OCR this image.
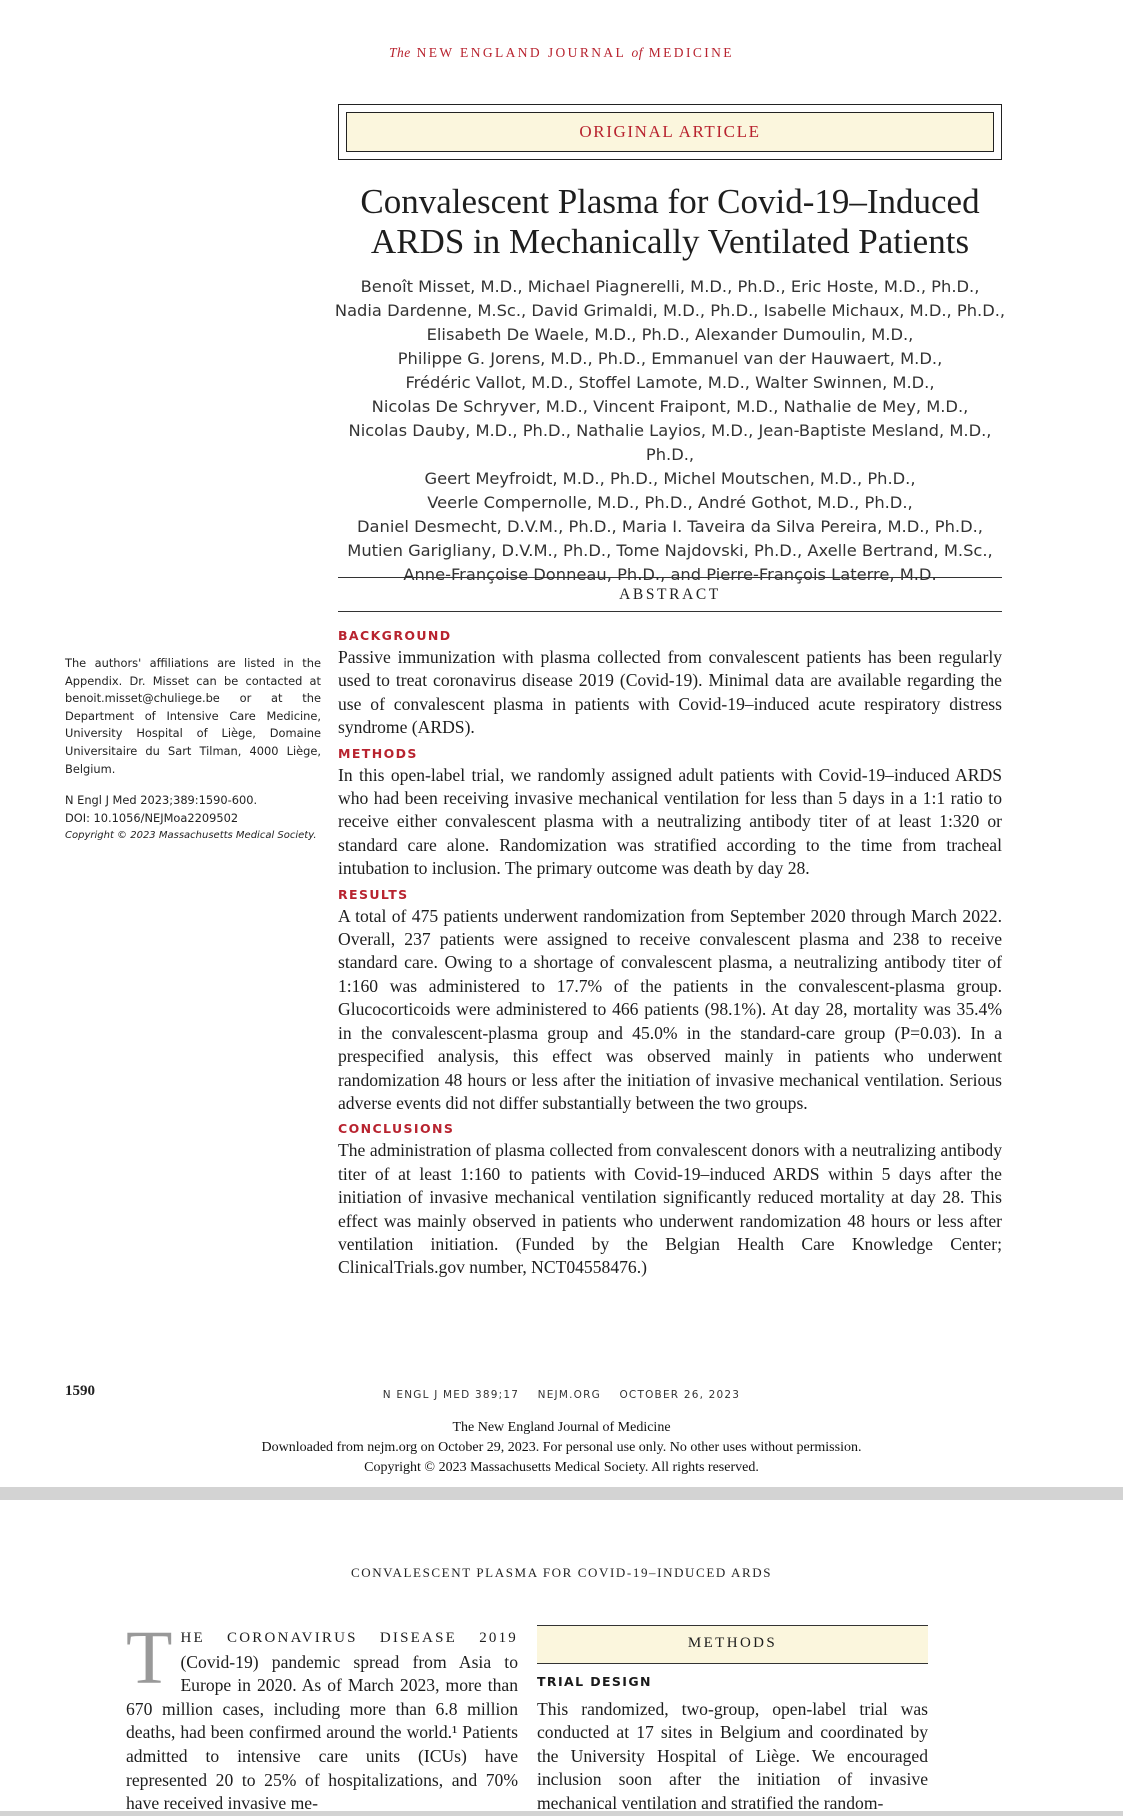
The NEW ENGLAND JOURNAL of MEDICINE
ORIGINAL ARTICLE
Convalescent Plasma for Covid-19–Induced
ARDS in Mechanically Ventilated Patients
Benoît Misset, M.D., Michael Piagnerelli, M.D., Ph.D., Eric Hoste, M.D., Ph.D.,
Nadia Dardenne, M.Sc., David Grimaldi, M.D., Ph.D., Isabelle Michaux, M.D., Ph.D.,
Elisabeth De Waele, M.D., Ph.D., Alexander Dumoulin, M.D.,
Philippe G. Jorens, M.D., Ph.D., Emmanuel van der Hauwaert, M.D.,
Frédéric Vallot, M.D., Stoffel Lamote, M.D., Walter Swinnen, M.D.,
Nicolas De Schryver, M.D., Vincent Fraipont, M.D., Nathalie de Mey, M.D.,
Nicolas Dauby, M.D., Ph.D., Nathalie Layios, M.D., Jean-Baptiste Mesland, M.D., Ph.D.,
Geert Meyfroidt, M.D., Ph.D., Michel Moutschen, M.D., Ph.D.,
Veerle Compernolle, M.D., Ph.D., André Gothot, M.D., Ph.D.,
Daniel Desmecht, D.V.M., Ph.D., Maria I. Taveira da Silva Pereira, M.D., Ph.D.,
Mutien Garigliany, D.V.M., Ph.D., Tome Najdovski, Ph.D., Axelle Bertrand, M.Sc.,
Anne-Françoise Donneau, Ph.D., and Pierre-François Laterre, M.D.
ABSTRACT
BACKGROUND

Passive immunization with plasma collected from convalescent patients has been regularly used to treat coronavirus disease 2019 (Covid-19). Minimal data are available regarding the use of convalescent plasma in patients with Covid-19–induced acute respiratory distress syndrome (ARDS).

METHODS

In this open-label trial, we randomly assigned adult patients with Covid-19–induced ARDS who had been receiving invasive mechanical ventilation for less than 5 days in a 1:1 ratio to receive either convalescent plasma with a neutralizing antibody titer of at least 1:320 or standard care alone. Randomization was stratified according to the time from tracheal intubation to inclusion. The primary outcome was death by day 28.

RESULTS

A total of 475 patients underwent randomization from September 2020 through March 2022. Overall, 237 patients were assigned to receive convalescent plasma and 238 to receive standard care. Owing to a shortage of convalescent plasma, a neutralizing antibody titer of 1:160 was administered to 17.7% of the patients in the convalescent-plasma group. Glucocorticoids were administered to 466 patients (98.1%). At day 28, mortality was 35.4% in the convalescent-plasma group and 45.0% in the standard-care group (P=0.03). In a prespecified analysis, this effect was observed mainly in patients who underwent randomization 48 hours or less after the initiation of invasive mechanical ventilation. Serious adverse events did not differ substantially between the two groups.

CONCLUSIONS

The administration of plasma collected from convalescent donors with a neutralizing antibody titer of at least 1:160 to patients with Covid-19–induced ARDS within 5 days after the initiation of invasive mechanical ventilation significantly reduced mortality at day 28. This effect was mainly observed in patients who underwent randomization 48 hours or less after ventilation initiation. (Funded by the Belgian Health Care Knowledge Center; ClinicalTrials.gov number, NCT04558476.)

The authors' affiliations are listed in the Appendix. Dr. Misset can be contacted at benoit.misset@chuliege.be or at the Department of Intensive Care Medicine, University Hospital of Liège, Domaine Universitaire du Sart Tilman, 4000 Liège, Belgium.

N Engl J Med 2023;389:1590-600.
DOI: 10.1056/NEJMoa2209502
Copyright © 2023 Massachusetts Medical Society.
1590	N ENGL J MED 389;17 NEJM.ORG OCTOBER 26, 2023
The New England Journal of Medicine
Downloaded from nejm.org on October 29, 2023. For personal use only. No other uses without permission.
Copyright © 2023 Massachusetts Medical Society. All rights reserved.
CONVALESCENT PLASMA FOR COVID-19–INDUCED ARDS

THE CORONAVIRUS DISEASE 2019 (Covid-19) pandemic spread from Asia to Europe in 2020. As of March 2023, more than 670 million cases, including more than 6.8 million deaths, had been confirmed around the world.¹ Patients admitted to intensive care units (ICUs) have represented 20 to 25% of hospitalizations, and 70% have received invasive me-

METHODS
TRIAL DESIGN

This randomized, two-group, open-label trial was conducted at 17 sites in Belgium and coordinated by the University Hospital of Liège. We encouraged inclusion soon after the initiation of invasive mechanical ventilation and stratified the random-
